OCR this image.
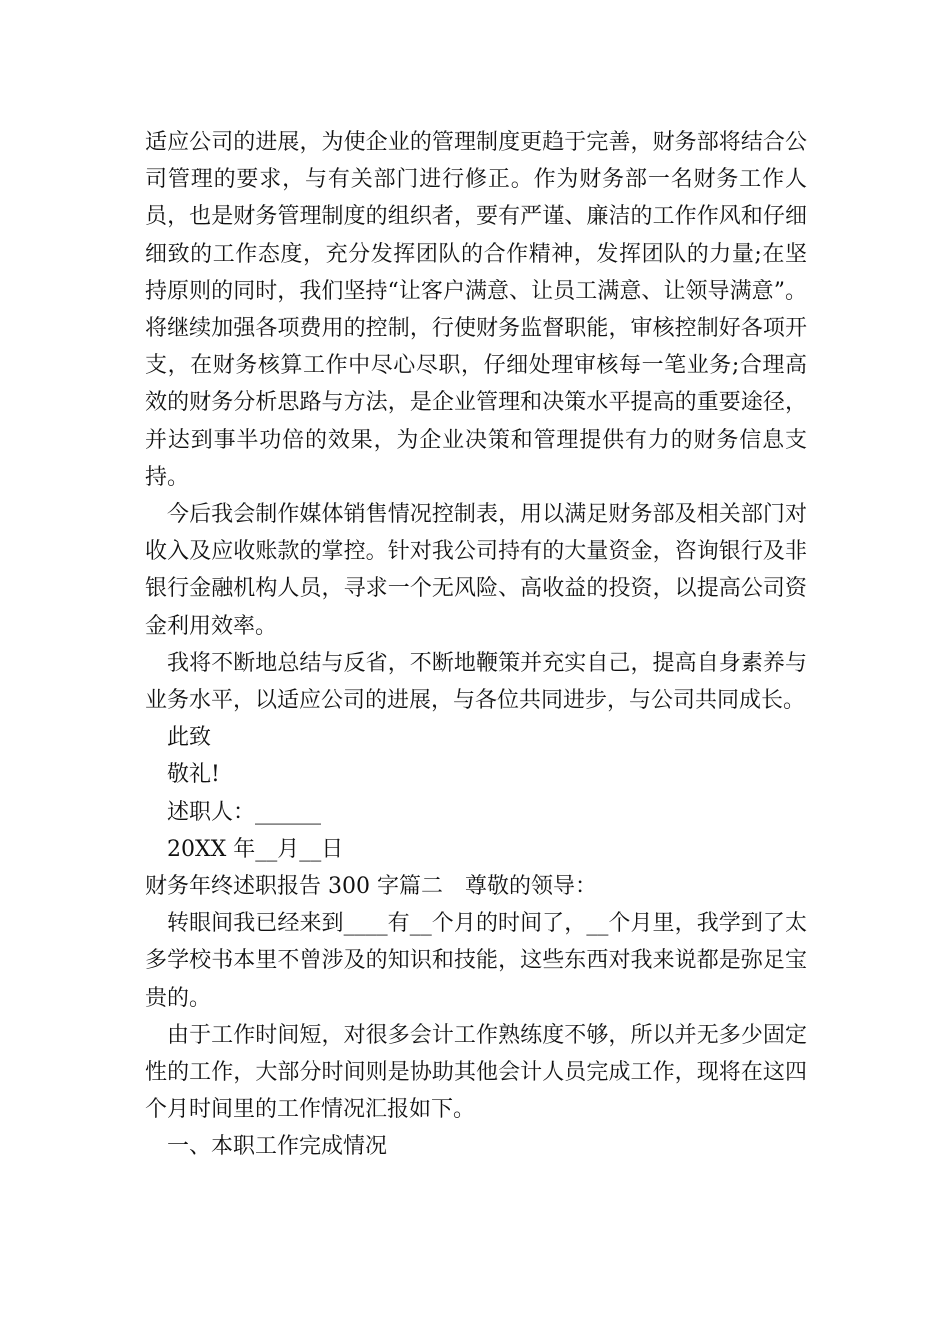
适应公司的进展，为使企业的管理制度更趋于完善，财务部将结合公司管理的要求，与有关部门进行修正。作为财务部一名财务工作人员，也是财务管理制度的组织者，要有严谨、廉洁的工作作风和仔细细致的工作态度，充分发挥团队的合作精神，发挥团队的力量;在坚持原则的同时，我们坚持“让客户满意、让员工满意、让领导满意”。将继续加强各项费用的控制，行使财务监督职能，审核控制好各项开支，在财务核算工作中尽心尽职，仔细处理审核每一笔业务;合理高效的财务分析思路与方法，是企业管理和决策水平提高的重要途径，并达到事半功倍的效果，为企业决策和管理提供有力的财务信息支持。

今后我会制作媒体销售情况控制表，用以满足财务部及相关部门对收入及应收账款的掌控。针对我公司持有的大量资金，咨询银行及非银行金融机构人员，寻求一个无风险、高收益的投资，以提高公司资金利用效率。

我将不断地总结与反省，不断地鞭策并充实自己，提高自身素养与业务水平，以适应公司的进展，与各位共同进步，与公司共同成长。

此致

敬礼!

述职人：______

20XX 年__月__日

财务年终述职报告 300 字篇二　尊敬的领导：

转眼间我已经来到____有__个月的时间了，__个月里，我学到了太多学校书本里不曾涉及的知识和技能，这些东西对我来说都是弥足宝贵的。

由于工作时间短，对很多会计工作熟练度不够，所以并无多少固定性的工作，大部分时间则是协助其他会计人员完成工作，现将在这四个月时间里的工作情况汇报如下。

一、本职工作完成情况
